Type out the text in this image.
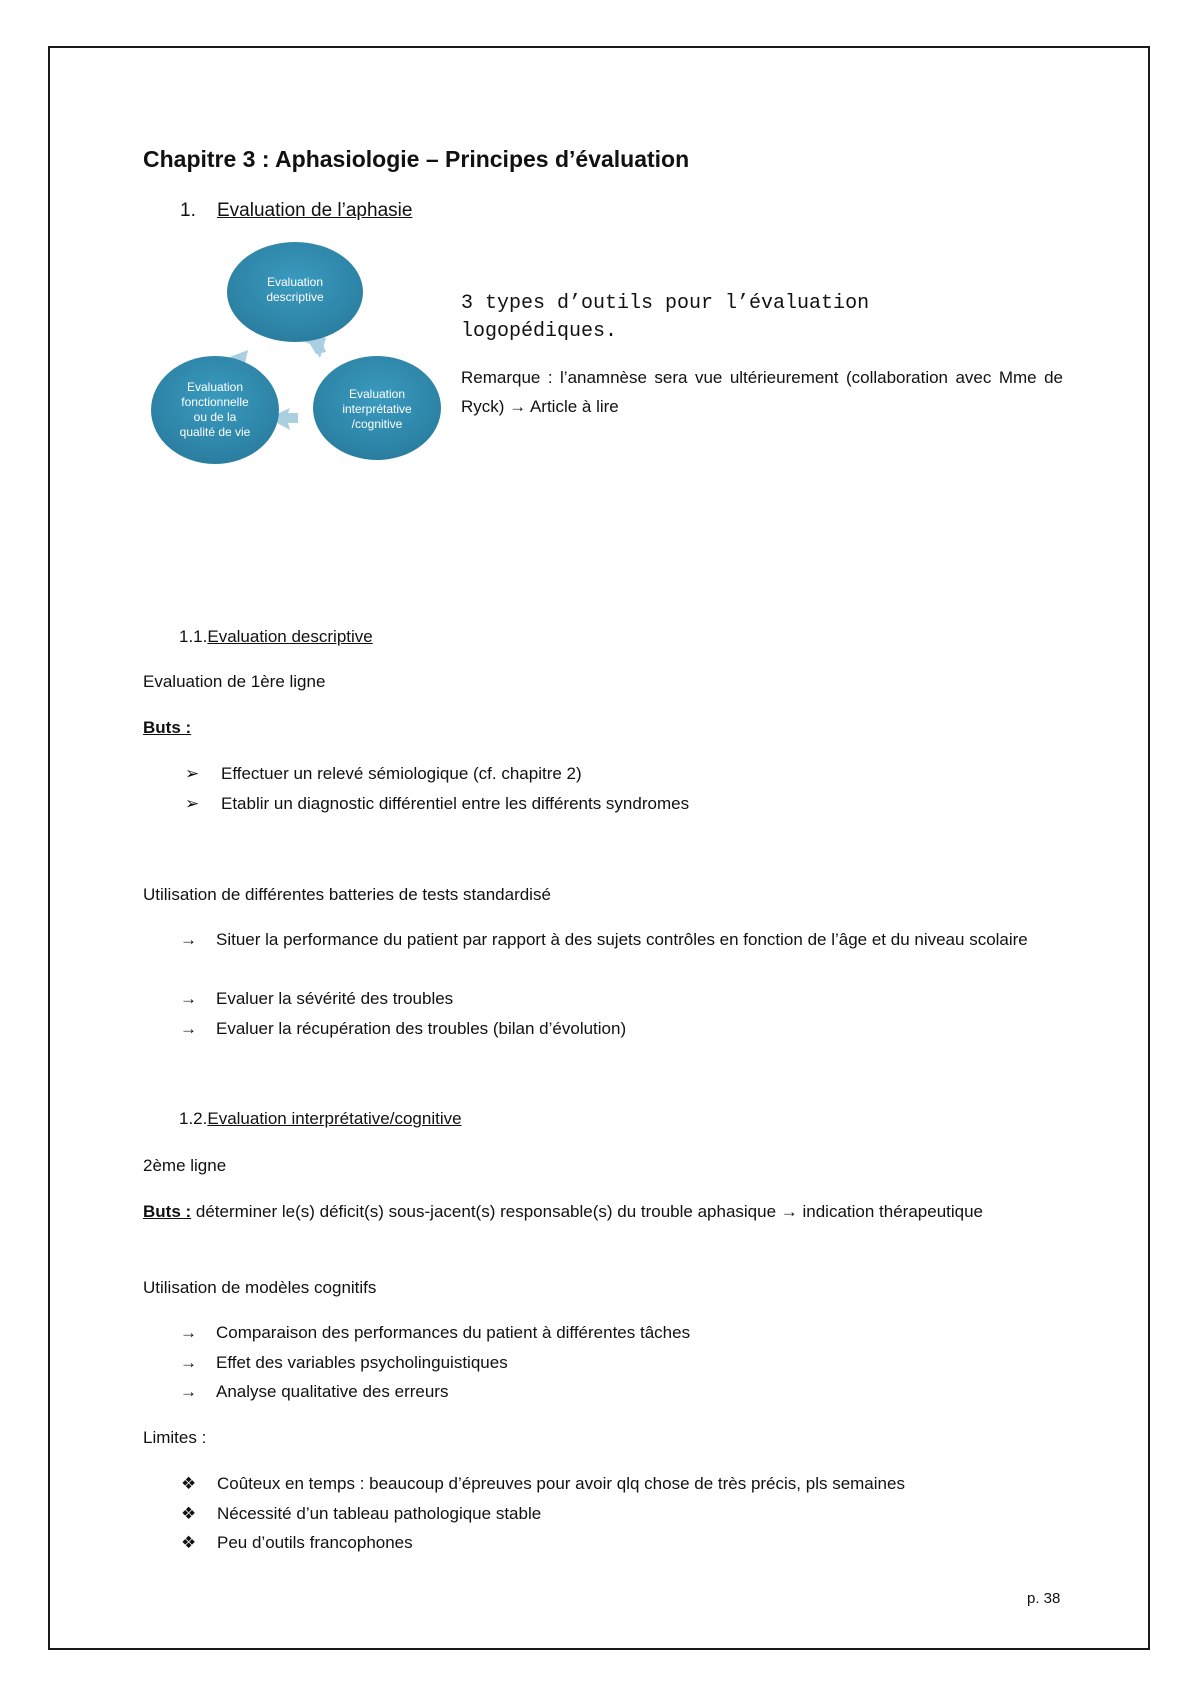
Chapitre 3 : Aphasiologie – Principes d’évaluation
1. Evaluation de l’aphasie
Evaluation
descriptive
Evaluation
interprétative
/cognitive
Evaluation
fonctionnelle
ou de la
qualité de vie
3 types d’outils pour l’évaluation
logopédiques.
Remarque : l’anamnèse sera vue ultérieurement (collaboration avec Mme de Ryck) → Article à lire
1.1.Evaluation descriptive
Evaluation de 1ère ligne
Buts :
➢	Effectuer un relevé sémiologique (cf. chapitre 2)
➢	Etablir un diagnostic différentiel entre les différents syndromes
Utilisation de différentes batteries de tests standardisé
→ Situer la performance du patient par rapport à des sujets contrôles en fonction de l’âge et du niveau scolaire
→ Evaluer la sévérité des troubles
→ Evaluer la récupération des troubles (bilan d’évolution)
1.2.Evaluation interprétative/cognitive
2ème ligne
Buts : déterminer le(s) déficit(s) sous-jacent(s) responsable(s) du trouble aphasique → indication thérapeutique
Utilisation de modèles cognitifs
→ Comparaison des performances du patient à différentes tâches
→ Effet des variables psycholinguistiques
→ Analyse qualitative des erreurs
Limites :
❖	Coûteux en temps : beaucoup d’épreuves pour avoir qlq chose de très précis, pls semaines
❖	Nécessité d’un tableau pathologique stable
❖	Peu d’outils francophones
p. 38
